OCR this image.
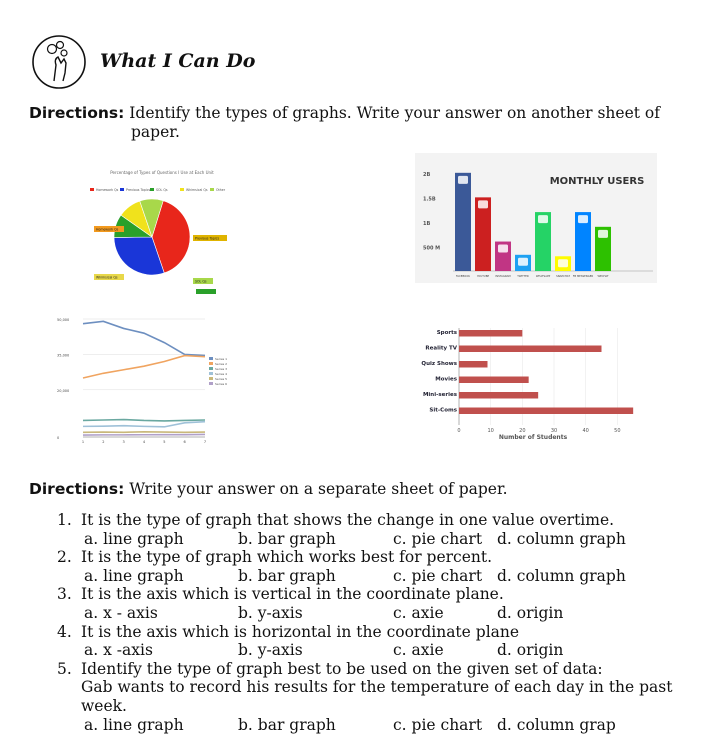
What I Can Do
Directions: Identify the types of graphs. Write your answer on another sheet of
paper.
Percentage of Types of Questions I Use at Each Unit
Homework Qs Previous Topics SOL Qs	Whimsical Qs	Other
Homework Qs
Previous Topics
Whimsical Qs
SOL Qs
MONTHLY USERS
2B
1.5B
1B
500 M
FACEBOOK	YOUTUBE INSTAGRAM	TWITTER	WHATSAPP SNAPCHAT FB MESSENGER WECHAT
50,000
35,000
20,000
0
1	2	3	4	5	6	7
Series 1
Series 2
Series 3
Series 4
Series 5
Series 6
Sports
Reality TV
Quiz Shows
Movies
Mini-series
Sit-Coms
0	10	20	30	40	50
Number of Students
Directions: Write your answer on a separate sheet of paper.
1. It is the type of graph that shows the change in one value overtime.
a. line graph	b. bar graph	c. pie chart d. column graph
2. It is the type of graph which works best for percent.
a. line graph	b. bar graph	c. pie chart d. column graph
3. It is the axis which is vertical in the coordinate plane.
a. x - axis	b. y-axis	c. axie	d. origin
4. It is the axis which is horizontal in the coordinate plane
a. x -axis	b. y-axis	c. axie	d. origin
5. Identify the type of graph best to be used on the given set of data:
Gab wants to record his results for the temperature of each day in the past
week.
a. line graph	b. bar graph	c. pie chart d. column grap
